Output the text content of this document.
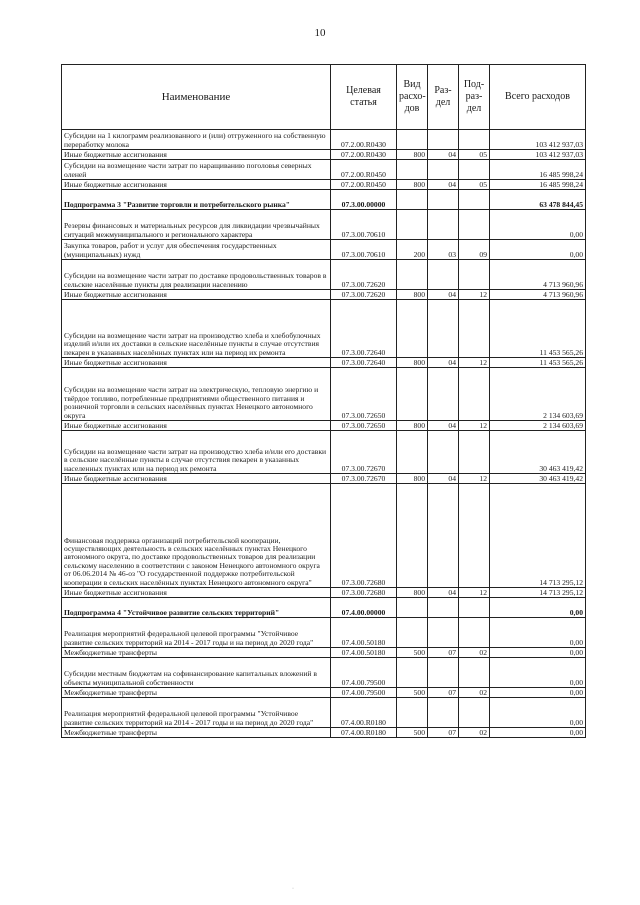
10
Наименование	Целевая статья	Вид расхо-дов	Раз-дел	Под-раз-дел	Всего расходов
Субсидии на 1 килограмм реализованного и (или) отгруженного на собственную переработку молока	07.2.00.R0430				103 412 937,03
Иные бюджетные ассигнования	07.2.00.R0430	800	04	05	103 412 937,03
Субсидии на возмещение части затрат по наращиванию поголовья северных оленей	07.2.00.R0450				16 485 998,24
Иные бюджетные ассигнования	07.2.00.R0450	800	04	05	16 485 998,24
Подпрограмма 3 "Развитие торговли и потребительского рынка"	07.3.00.00000				63 478 844,45
Резервы финансовых и материальных ресурсов для ликвидации чрезвычайных ситуаций межмуниципального и регионального характера	07.3.00.70610				0,00
Закупка товаров, работ и услуг для обеспечения государственных (муниципальных) нужд	07.3.00.70610	200	03	09	0,00
Субсидии на возмещение части затрат по доставке продовольственных товаров в сельские населённые пункты для реализации населению	07.3.00.72620				4 713 960,96
Иные бюджетные ассигнования	07.3.00.72620	800	04	12	4 713 960,96
Субсидии на возмещение части затрат на производство хлеба и хлебобулочных изделий и/или их доставки в сельские населённые пункты в случае отсутствия пекарен в указанных населённых пунктах или на период их ремонта	07.3.00.72640				11 453 565,26
Иные бюджетные ассигнования	07.3.00.72640	800	04	12	11 453 565,26
Субсидии на возмещение части затрат на электрическую, тепловую энергию и твёрдое топливо, потребленные предприятиями общественного питания и розничной торговли в сельских населённых пунктах Ненецкого автономного округа	07.3.00.72650				2 134 603,69
Иные бюджетные ассигнования	07.3.00.72650	800	04	12	2 134 603,69
Субсидии на возмещение части затрат на производство хлеба и/или его доставки в сельские населённые пункты в случае отсутствия пекарен в указанных населенных пунктах или на период их ремонта	07.3.00.72670				30 463 419,42
Иные бюджетные ассигнования	07.3.00.72670	800	04	12	30 463 419,42
Финансовая поддержка организаций потребительской кооперации, осуществляющих деятельность в сельских населённых пунктах Ненецкого автономного округа, по доставке продовольственных товаров для реализации сельскому населению в соответствии с законом Ненецкого автономного округа от 06.06.2014 № 46-оз "О государственной поддержке потребительской кооперации в сельских населённых пунктах Ненецкого автономного округа"	07.3.00.72680				14 713 295,12
Иные бюджетные ассигнования	07.3.00.72680	800	04	12	14 713 295,12
Подпрограмма 4 "Устойчивое развитие сельских территорий"	07.4.00.00000				0,00
Реализация мероприятий федеральной целевой программы "Устойчивое развитие сельских территорий на 2014 - 2017 годы и на период до 2020 года"	07.4.00.50180				0,00
Межбюджетные трансферты	07.4.00.50180	500	07	02	0,00
Субсидии местным бюджетам на софинансирование капитальных вложений в объекты муниципальной собственности	07.4.00.79500				0,00
Межбюджетные трансферты	07.4.00.79500	500	07	02	0,00
Реализация мероприятий федеральной целевой программы "Устойчивое развитие сельских территорий на 2014 - 2017 годы и на период до 2020 года"	07.4.00.R0180				0,00
Межбюджетные трансферты	07.4.00.R0180	500	07	02	0,00
·
